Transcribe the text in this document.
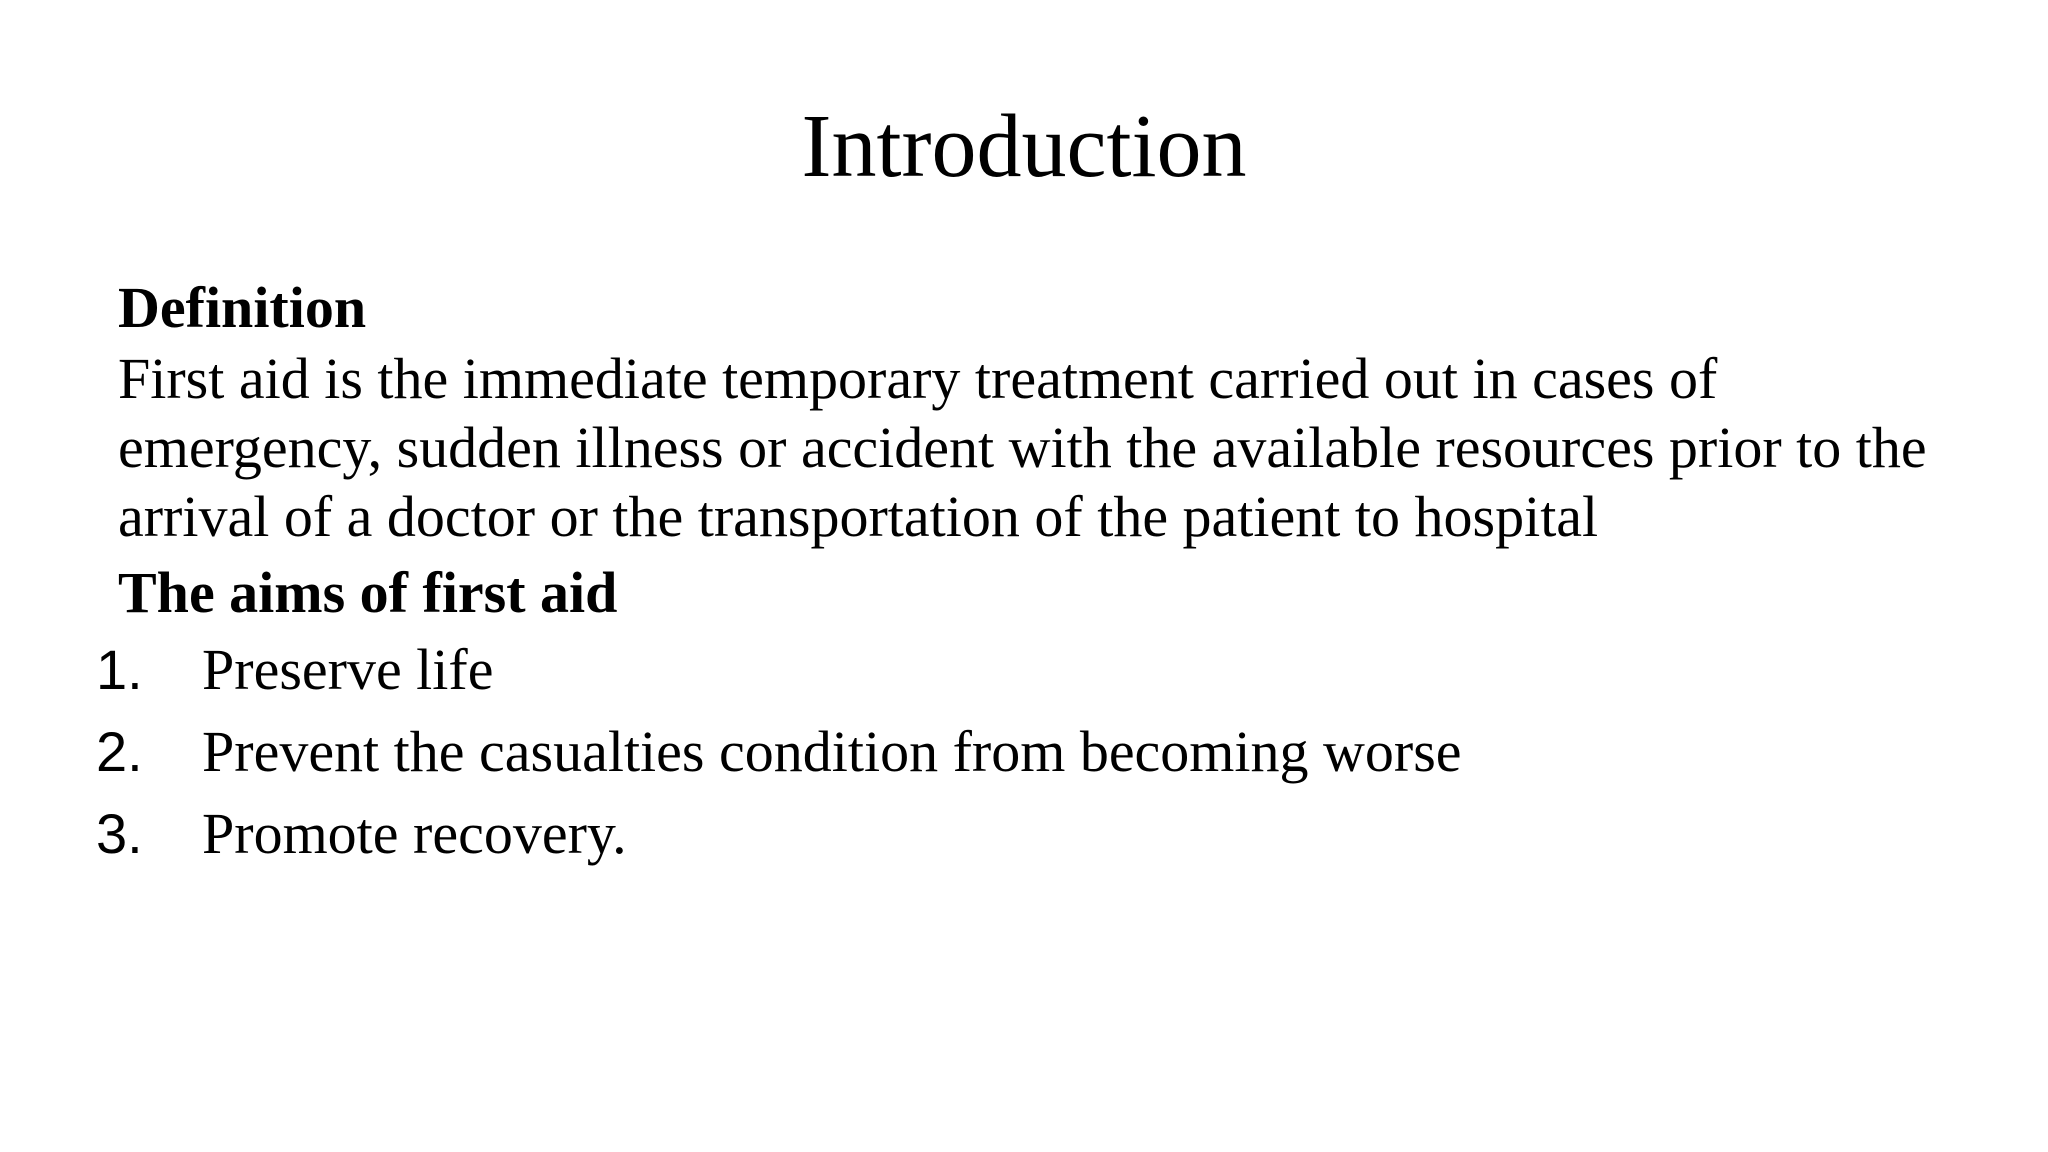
Introduction

Definition

First aid is the immediate temporary treatment carried out in cases of emergency, sudden illness or accident with the available resources prior to the arrival of a doctor or the transportation of the patient to hospital

The aims of first aid

1. Preserve life
2. Prevent the casualties condition from becoming worse
3. Promote recovery.
